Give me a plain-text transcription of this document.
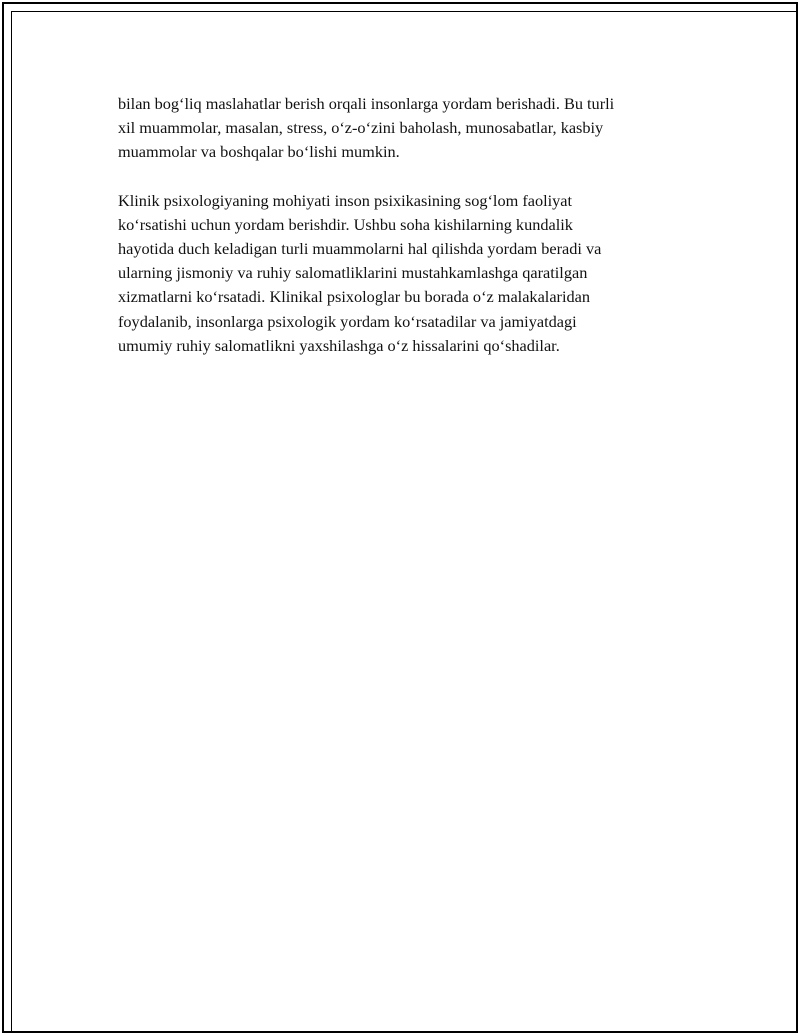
bilan bog‘liq maslahatlar berish orqali insonlarga yordam berishadi. Bu turli
xil muammolar, masalan, stress, o‘z-o‘zini baholash, munosabatlar, kasbiy
muammolar va boshqalar bo‘lishi mumkin.

Klinik psixologiyaning mohiyati inson psixikasining sog‘lom faoliyat
ko‘rsatishi uchun yordam berishdir. Ushbu soha kishilarning kundalik
hayotida duch keladigan turli muammolarni hal qilishda yordam beradi va
ularning jismoniy va ruhiy salomatliklarini mustahkamlashga qaratilgan
xizmatlarni ko‘rsatadi. Klinikal psixologlar bu borada o‘z malakalaridan
foydalanib, insonlarga psixologik yordam ko‘rsatadilar va jamiyatdagi
umumiy ruhiy salomatlikni yaxshilashga o‘z hissalarini qo‘shadilar.
